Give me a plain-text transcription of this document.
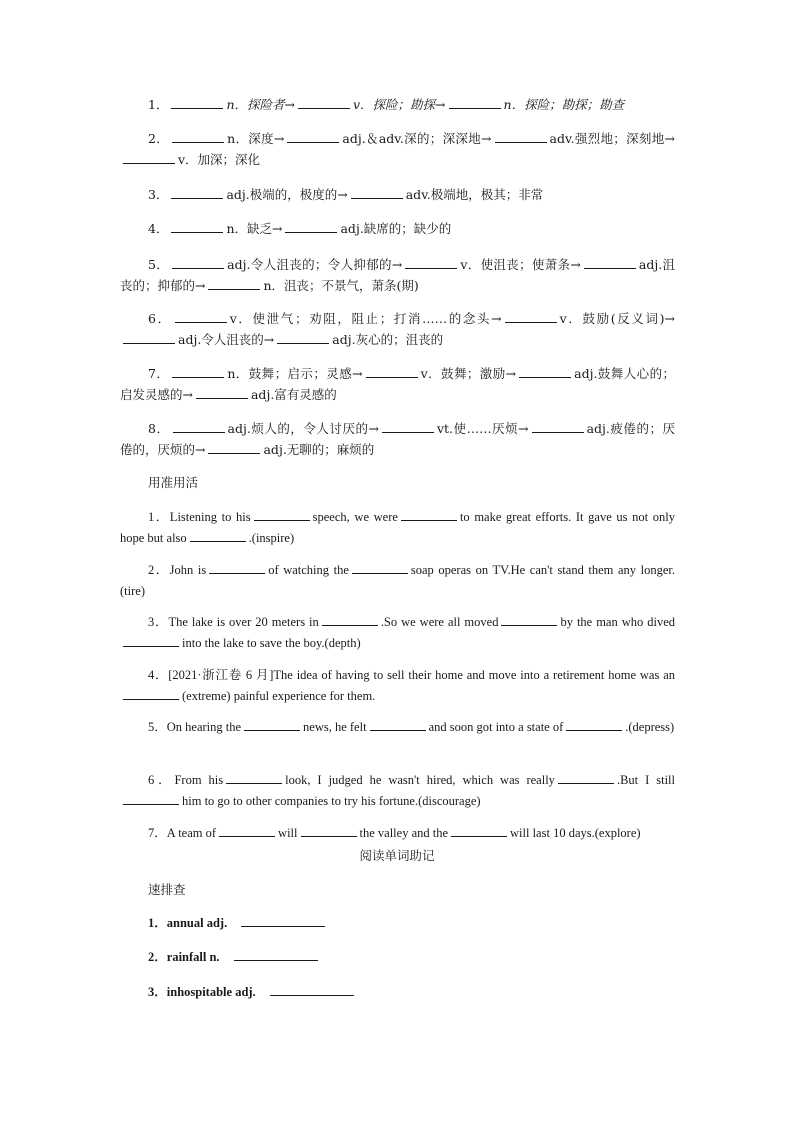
1．	n．探险者→	v．探险；勘探→	n．探险；勘探；勘查
2．	n．深度→	adj.＆adv.深的；深深地→	adv.强烈地；深刻地→v．加深；深化
3．	adj.极端的，极度的→	adv.极端地，极其；非常
4．	n．缺乏→	adj.缺席的；缺少的
5．	adj.令人沮丧的；令人抑郁的→	v．使沮丧；使萧条→	adj.沮丧的；抑郁的→	n．沮丧；不景气，萧条(期)
6．	v．使泄气；劝阻，阻止；打消……的念头→	v．鼓励(反义词)→adj.令人沮丧的→	adj.灰心的；沮丧的
7．	n．鼓舞；启示；灵感→	v．鼓舞；激励→	adj.鼓舞人心的；启发灵感的→	adj.富有灵感的
8．	adj.烦人的，令人讨厌的→	vt.使……厌烦→	adj.疲倦的；厌倦的，厌烦的→	adj.无聊的；麻烦的
用准用活
1．Listening to his	speech, we were	to make great efforts. It gave us not only hope but also	.(inspire)
2．John is	of watching the	soap operas on TV.He can't stand them any longer.(tire)
3．The lake is over 20 meters in	.So we were all moved	by the man who divedinto the lake to save the boy.(depth)
4．[2021·浙江卷 6 月]The idea of having to sell their home and move into a retirement home was an(extreme) painful experience for them.
5．On hearing the	news, he felt	and soon got into a state of	.(depress)
6．From his	look, I judged he wasn't hired, which was really	.But I stillhim to go to other companies to try his fortune.(discourage)
7．A team of	will	the valley and the	will last 10 days.(explore)
阅读单词助记
速排查
1．annual adj.
2．rainfall n.
3．inhospitable adj.
